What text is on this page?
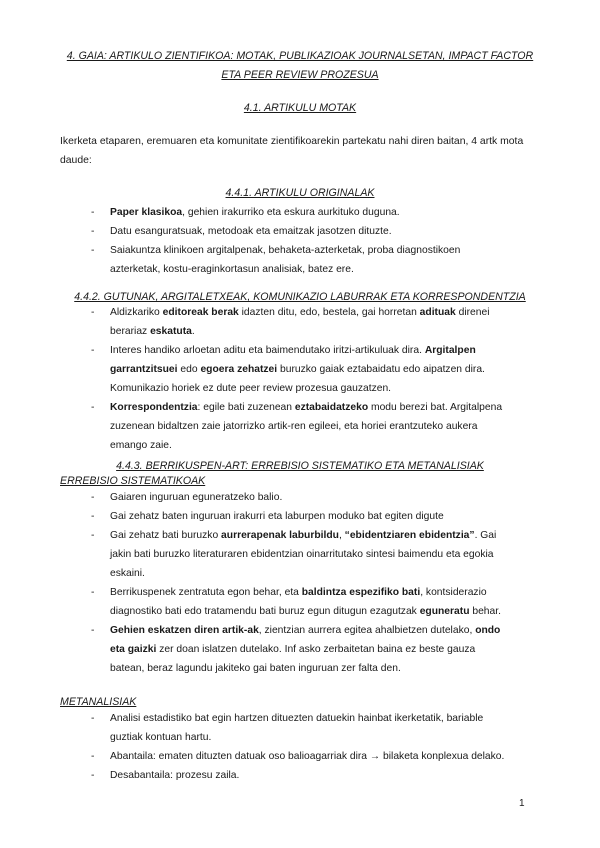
4. GAIA: ARTIKULO ZIENTIFIKOA: MOTAK, PUBLIKAZIOAK JOURNALSETAN, IMPACT FACTOR
ETA PEER REVIEW PROZESUA
4.1. ARTIKULU MOTAK
Ikerketa etaparen, eremuaren eta komunitate zientifikoarekin partekatu nahi diren baitan, 4 artk mota daude:
4.4.1. ARTIKULU ORIGINALAK
- Paper klasikoa, gehien irakurriko eta eskura aurkituko duguna.
- Datu esanguratsuak, metodoak eta emaitzak jasotzen dituzte.
- Saiakuntza klinikoen argitalpenak, behaketa-azterketak, proba diagnostikoen azterketak, kostu-eraginkortasun analisiak, batez ere.
4.4.2. GUTUNAK, ARGITALETXEAK, KOMUNIKAZIO LABURRAK ETA KORRESPONDENTZIA
- Aldizkariko editoreak berak idazten ditu, edo, bestela, gai horretan adituak direnei berariaz eskatuta.
- Interes handiko arloetan aditu eta baimendutako iritzi-artikuluak dira. Argitalpen garrantzitsuei edo egoera zehatzei buruzko gaiak eztabaidatu edo aipatzen dira. Komunikazio horiek ez dute peer review prozesua gauzatzen.
- Korrespondentzia: egile bati zuzenean eztabaidatzeko modu berezi bat. Argitalpena zuzenean bidaltzen zaie jatorrizko artik-ren egileei, eta horiei erantzuteko aukera emango zaie.
4.4.3. BERRIKUSPEN-ART: ERREBISIO SISTEMATIKO ETA METANALISIAK
ERREBISIO SISTEMATIKOAK
- Gaiaren inguruan eguneratzeko balio.
- Gai zehatz baten inguruan irakurri eta laburpen moduko bat egiten digute
- Gai zehatz bati buruzko aurrerapenak laburbildu, “ebidentziaren ebidentzia”. Gai jakin bati buruzko literaturaren ebidentzian oinarritutako sintesi baimendu eta egokia eskaini.
- Berrikuspenek zentratuta egon behar, eta baldintza espezifiko bati, kontsiderazio diagnostiko bati edo tratamendu bati buruz egun ditugun ezagutzak eguneratu behar.
- Gehien eskatzen diren artik-ak, zientzian aurrera egitea ahalbietzen dutelako, ondo eta gaizki zer doan islatzen dutelako. Inf asko zerbaitetan baina ez beste gauza batean, beraz lagundu jakiteko gai baten inguruan zer falta den.
METANALISIAK
- Analisi estadistiko bat egin hartzen dituezten datuekin hainbat ikerketatik, bariable guztiak kontuan hartu.
- Abantaila: ematen dituzten datuak oso balioagarriak dira → bilaketa konplexua delako.
- Desabantaila: prozesu zaila.
1
